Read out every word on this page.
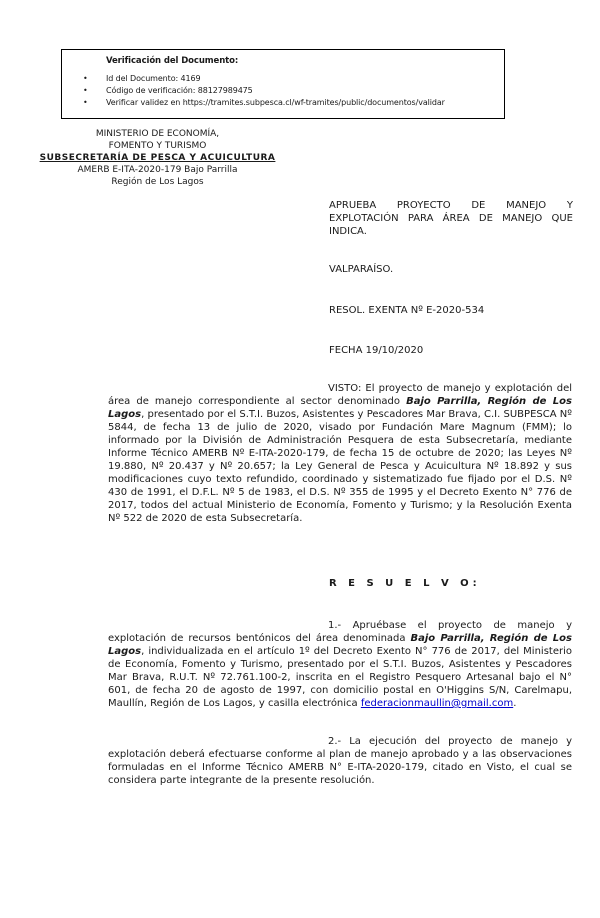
Verificación del Documento:
• Id del Documento: 4169
• Código de verificación: 88127989475
• Verificar validez en https://tramites.subpesca.cl/wf-tramites/public/documentos/validar
MINISTERIO DE ECONOMÍA,
FOMENTO Y TURISMO
SUBSECRETARÍA DE PESCA Y ACUICULTURA
AMERB E-ITA-2020-179 Bajo Parrilla
Región de Los Lagos
APRUEBA PROYECTO DE MANEJO Y EXPLOTACIÓN PARA ÁREA DE MANEJO QUE INDICA.
VALPARAÍSO.
RESOL. EXENTA Nº E-2020-534
FECHA 19/10/2020
VISTO: El proyecto de manejo y explotación del área de manejo correspondiente al sector denominado Bajo Parrilla, Región de Los Lagos, presentado por el S.T.I. Buzos, Asistentes y Pescadores Mar Brava, C.I. SUBPESCA Nº 5844, de fecha 13 de julio de 2020, visado por Fundación Mare Magnum (FMM); lo informado por la División de Administración Pesquera de esta Subsecretaría, mediante Informe Técnico AMERB Nº E-ITA-2020-179, de fecha 15 de octubre de 2020; las Leyes Nº 19.880, Nº 20.437 y Nº 20.657; la Ley General de Pesca y Acuicultura Nº 18.892 y sus modificaciones cuyo texto refundido, coordinado y sistematizado fue fijado por el D.S. Nº 430 de 1991, el D.F.L. Nº 5 de 1983, el D.S. Nº 355 de 1995 y el Decreto Exento N° 776 de 2017, todos del actual Ministerio de Economía, Fomento y Turismo; y la Resolución Exenta Nº 522 de 2020 de esta Subsecretaría.
R E S U E L V O:
1.- Apruébase el proyecto de manejo y explotación de recursos bentónicos del área denominada Bajo Parrilla, Región de Los Lagos, individualizada en el artículo 1º del Decreto Exento N° 776 de 2017, del Ministerio de Economía, Fomento y Turismo, presentado por el S.T.I. Buzos, Asistentes y Pescadores Mar Brava, R.U.T. Nº 72.761.100-2, inscrita en el Registro Pesquero Artesanal bajo el N° 601, de fecha 20 de agosto de 1997, con domicilio postal en O'Higgins S/N, Carelmapu, Maullín, Región de Los Lagos, y casilla electrónica federacionmaullin@gmail.com.
2.- La ejecución del proyecto de manejo y explotación deberá efectuarse conforme al plan de manejo aprobado y a las observaciones formuladas en el Informe Técnico AMERB N° E-ITA-2020-179, citado en Visto, el cual se considera parte integrante de la presente resolución.
